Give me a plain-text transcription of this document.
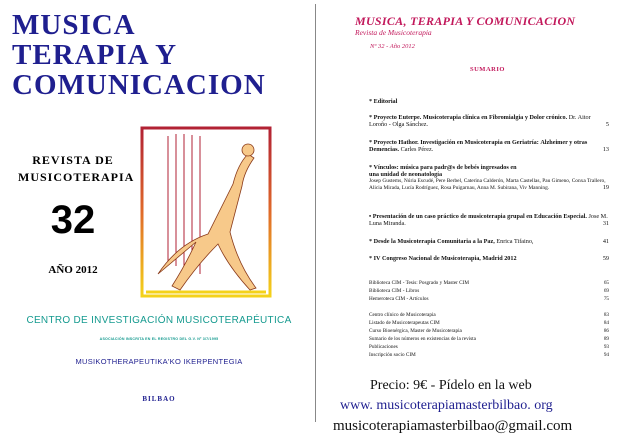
MUSICA
TERAPIA Y
COMUNICACION
REVISTA DE
MUSICOTERAPIA
32
AÑO 2012
CENTRO DE INVESTIGACIÓN MUSICOTERAPÉUTICA
ASOCIACIÓN INSCRITA EN EL REGISTRO DEL G.V. Nº 3/7/1995
MUSIKOTHERAPEUTIKA'KO IKERPENTEGIA
BILBAO
MUSICA, TERAPIA Y COMUNICACION
Revista de Musicoterapia
Nº 32 - Año 2012
SUMARIO
* Editorial
* Proyecto Euterpe. Musicoterapia clínica en Fibromialgia y Dolor crónico. Dr. Aitor Loroño - Olga Sánchez.	5
* Proyecto Hathor. Investigación en Musicoterapia en Geriatría: Alzheimer y otras Demencias. Carles Pérez.	13
* Vínculos: música para padr@s de bebés ingresados en
una unidad de neonatología
Josep Gustems, Núria Escudé, Pere Berbel, Caterina Calderón, Marta Castellas, Pau Gimeno, Conxa Trallero, Alicia Mirada, Lucía Rodríguez, Rosa Puigarnau, Anna M. Subirana, Viv Manning.	19
• Presentación de un caso práctico de musicoterapia grupal en Educación Especial. Jose M. Luna Miranda.	31
* Desde la Musicoterapia Comunitaria a la Paz, Enrica Tifaino,	41
* IV Congreso Nacional de Musicoterapia, Madrid 2012	59
Biblioteca CIM - Tesis: Posgrado y Master CIM	65
Biblioteca CIM - Libros	69
Hemeroteca CIM - Artículos	75
Centro clínico de Musicoterapia	83
Listado de Musicoterapeutas CIM	84
Curso Bioenérgica, Master de Musicoterapia	86
Sumario de los números en existencias de la revista	89
Publicaciones	93
Inscripción socio CIM	94
Precio: 9€ - Pídelo en la web
www. musicoterapiamasterbilbao. org
musicoterapiamasterbilbao@gmail.com
